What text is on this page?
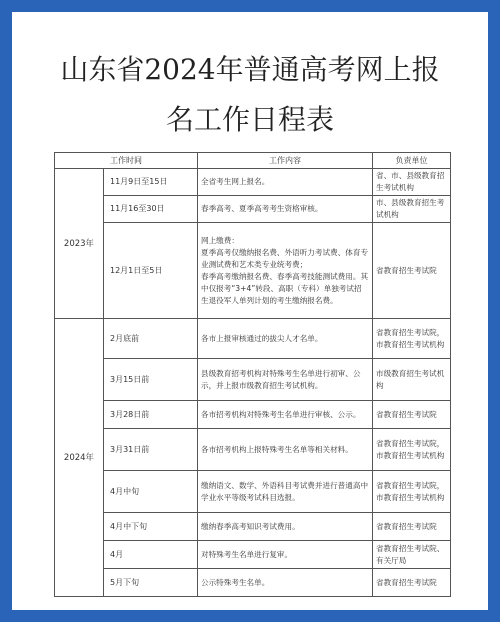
山东省2024年普通高考网上报
名工作日程表
工作时间		工作内容	负责单位
2023年	11月9日至15日	全省考生网上报名。	省、市、县级教育招生考试机构
	11月16至30日	春季高考、夏季高考考生资格审核。	市、县级教育招生考试机构
	12月1日至5日	网上缴费：
夏季高考仅缴纳报名费、外语听力考试费、体育专业测试费和艺术类专业统考费；
春季高考缴纳报名费、春季高考技能测试费用。其中仅报考“3+4”转段、高职（专科）单独考试招生退役军人单列计划的考生缴纳报名费。	省教育招生考试院
2024年	2月底前	各市上报审核通过的拔尖人才名单。	省教育招生考试院，市教育招生考试机构
	3月15日前	县级教育招考机构对特殊考生名单进行初审、公示，并上报市级教育招生考试机构。	市级教育招生考试机构
	3月28日前	各市招考机构对特殊考生名单进行审核、公示。	省教育招生考试院
	3月31日前	各市招考机构上报特殊考生名单等相关材料。	省教育招生考试院，市教育招生考试机构
	4月中旬	缴纳语文、数学、外语科目考试费并进行普通高中学业水平等级考试科目选报。	省教育招生考试院，市教育招生考试机构
	4月中下旬	缴纳春季高考知识考试费用。	省教育招生考试院
	4月	对特殊考生名单进行复审。	省教育招生考试院、有关厅局
	5月下旬	公示特殊考生名单。	省教育招生考试院
